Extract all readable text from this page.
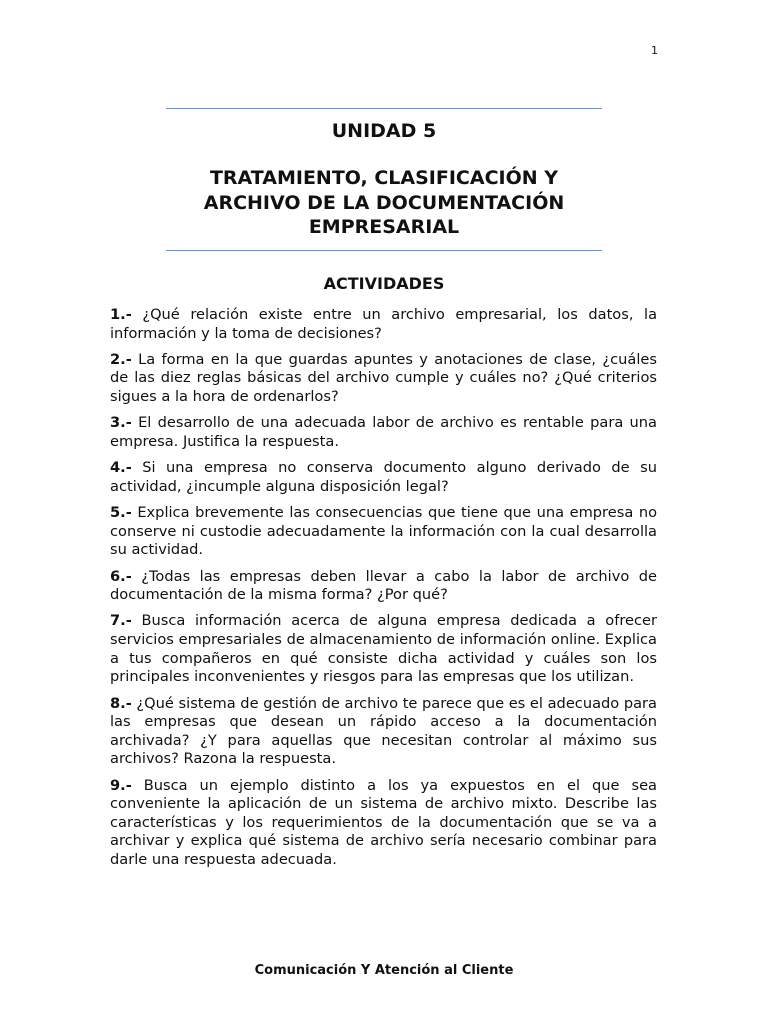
1
UNIDAD 5
TRATAMIENTO, CLASIFICACIÓN Y ARCHIVO DE LA DOCUMENTACIÓN EMPRESARIAL
ACTIVIDADES
1.- ¿Qué relación existe entre un archivo empresarial, los datos, la información y la toma de decisiones?
2.- La forma en la que guardas apuntes y anotaciones de clase, ¿cuáles de las diez reglas básicas del archivo cumple y cuáles no? ¿Qué criterios sigues a la hora de ordenarlos?
3.- El desarrollo de una adecuada labor de archivo es rentable para una empresa. Justifica la respuesta.
4.- Si una empresa no conserva documento alguno derivado de su actividad, ¿incumple alguna disposición legal?
5.- Explica brevemente las consecuencias que tiene que una empresa no conserve ni custodie adecuadamente la información con la cual desarrolla su actividad.
6.- ¿Todas las empresas deben llevar a cabo la labor de archivo de documentación de la misma forma? ¿Por qué?
7.- Busca información acerca de alguna empresa dedicada a ofrecer servicios empresariales de almacenamiento de información online. Explica a tus compañeros en qué consiste dicha actividad y cuáles son los principales inconvenientes y riesgos para las empresas que los utilizan.
8.- ¿Qué sistema de gestión de archivo te parece que es el adecuado para las empresas que desean un rápido acceso a la documentación archivada? ¿Y para aquellas que necesitan controlar al máximo sus archivos? Razona la respuesta.
9.- Busca un ejemplo distinto a los ya expuestos en el que sea conveniente la aplicación de un sistema de archivo mixto. Describe las características y los requerimientos de la documentación que se va a archivar y explica qué sistema de archivo sería necesario combinar para darle una respuesta adecuada.
Comunicación Y Atención al Cliente
